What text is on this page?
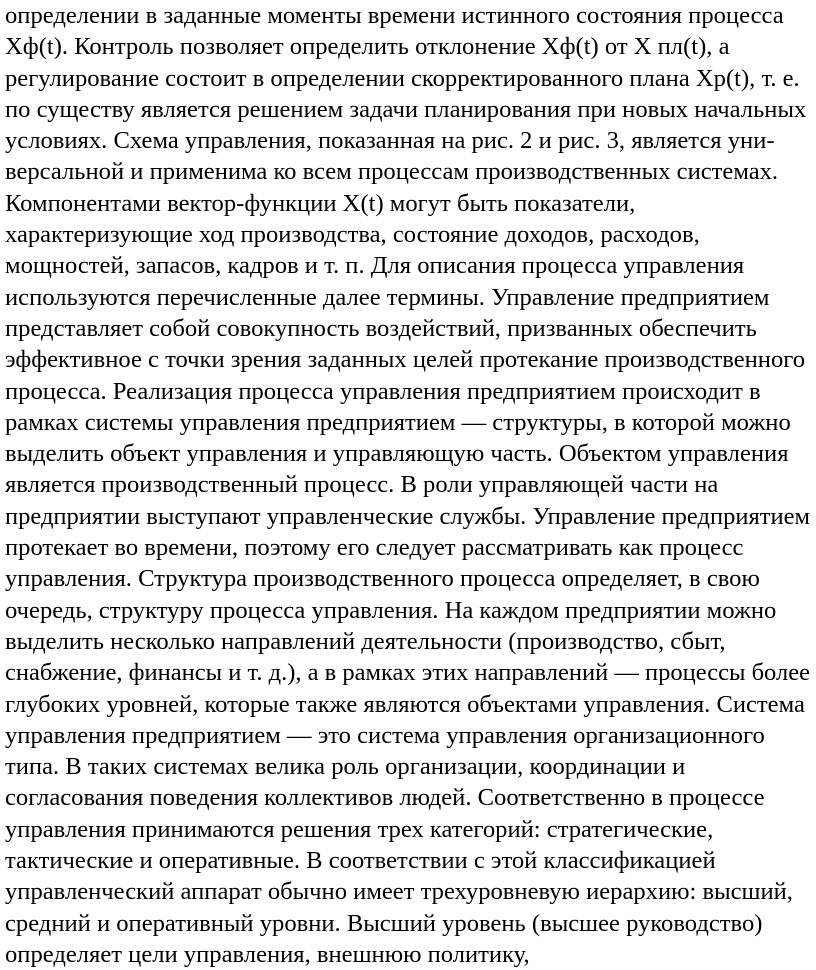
определении в заданные моменты времени истинного состояния процесса
Хф(t). Контроль позволяет определить отклонение Хф(t) от X пл(t), а
регулирование состоит в определении скорректированного плана Хр(t), т. е.
по существу является решением задачи планирования при новых начальных
условиях. Схема управления, показанная на рис. 2 и рис. 3, является уни-
версальной и применима ко всем процессам производственных системах.
Компонентами вектор-функции X(t) могут быть показатели,
характеризующие ход производства, состояние доходов, расходов,
мощностей, запасов, кадров и т. п. Для описания процесса управления
используются перечисленные далее термины. Управление предприятием
представляет собой совокупность воздействий, призванных обеспечить
эффективное с точки зрения заданных целей протекание производственного
процесса. Реализация процесса управления предприятием происходит в
рамках системы управления предприятием — структуры, в которой можно
выделить объект управления и управляющую часть. Объектом управления
является производственный процесс. В роли управляющей части на
предприятии выступают управленческие службы. Управление предприятием
протекает во времени, поэтому его следует рассматривать как процесс
управления. Структура производственного процесса определяет, в свою
очередь, структуру процесса управления. На каждом предприятии можно
выделить несколько направлений деятельности (производство, сбыт,
снабжение, финансы и т. д.), а в рамках этих направлений — процессы более
глубоких уровней, которые также являются объектами управления. Система
управления предприятием — это система управления организационного
типа. В таких системах велика роль организации, координации и
согласования поведения коллективов людей. Соответственно в процессе
управления принимаются решения трех категорий: стратегические,
тактические и оперативные. В соответствии с этой классификацией
управленческий аппарат обычно имеет трехуровневую иерархию: высший,
средний и оперативный уровни. Высший уровень (высшее руководство)
определяет цели управления, внешнюю политику,
